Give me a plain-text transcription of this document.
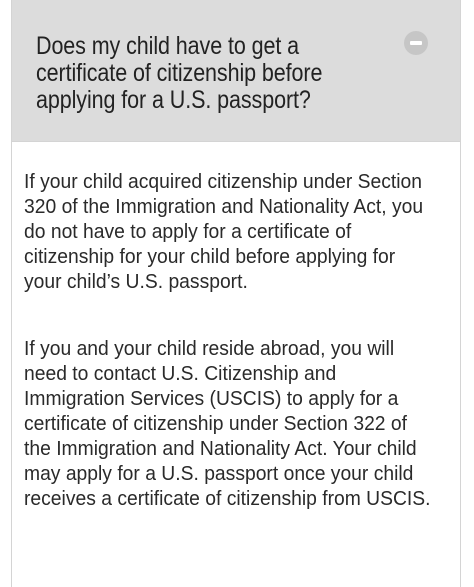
Does my child have to get a
certificate of citizenship before
applying for a U.S. passport?

If your child acquired citizenship under Section
320 of the Immigration and Nationality Act, you
do not have to apply for a certificate of
citizenship for your child before applying for
your child’s U.S. passport.

If you and your child reside abroad, you will
need to contact U.S. Citizenship and
Immigration Services (USCIS) to apply for a
certificate of citizenship under Section 322 of
the Immigration and Nationality Act. Your child
may apply for a U.S. passport once your child
receives a certificate of citizenship from USCIS.
